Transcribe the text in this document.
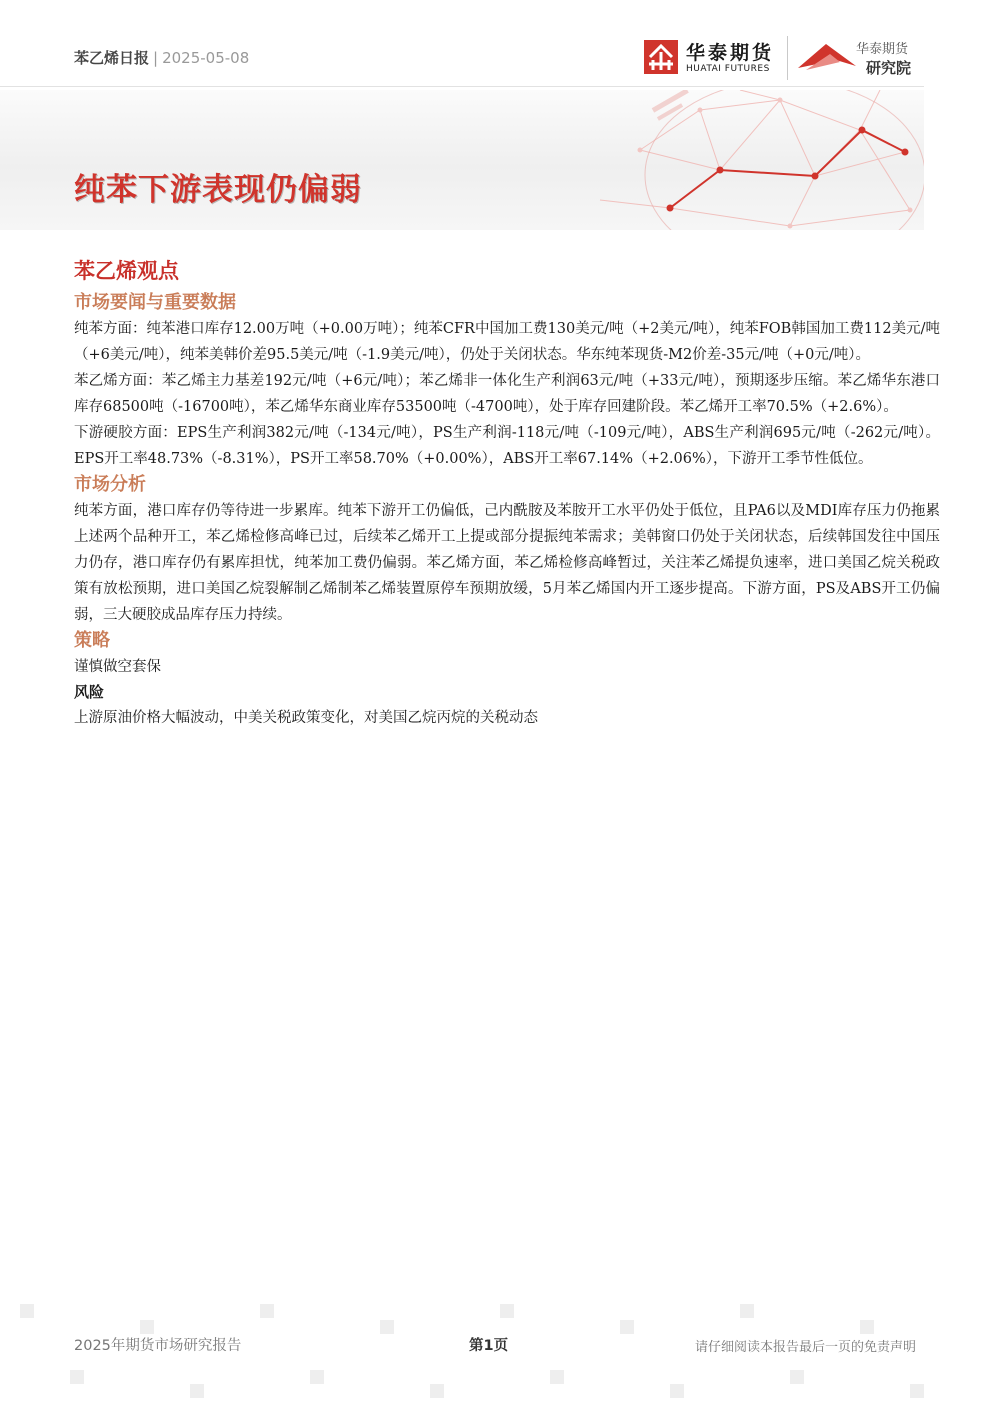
苯乙烯日报 | 2025-05-08	华泰期货
HUATAI FUTURES
华泰期货
研究院
纯苯下游表现仍偏弱
苯乙烯观点
市场要闻与重要数据

纯苯方面：纯苯港口库存12.00万吨（+0.00万吨）；纯苯CFR中国加工费130美元/吨（+2美元/吨），纯苯FOB韩国加工费112美元/吨（+6美元/吨），纯苯美韩价差95.5美元/吨（-1.9美元/吨），仍处于关闭状态。华东纯苯现货-M2价差-35元/吨（+0元/吨）。

苯乙烯方面：苯乙烯主力基差192元/吨（+6元/吨）；苯乙烯非一体化生产利润63元/吨（+33元/吨），预期逐步压缩。苯乙烯华东港口库存68500吨（-16700吨），苯乙烯华东商业库存53500吨（-4700吨），处于库存回建阶段。苯乙烯开工率70.5%（+2.6%）。

下游硬胶方面：EPS生产利润382元/吨（-134元/吨），PS生产利润-118元/吨（-109元/吨），ABS生产利润695元/吨（-262元/吨）。EPS开工率48.73%（-8.31%），PS开工率58.70%（+0.00%），ABS开工率67.14%（+2.06%），下游开工季节性低位。

市场分析

纯苯方面，港口库存仍等待进一步累库。纯苯下游开工仍偏低，己内酰胺及苯胺开工水平仍处于低位，且PA6以及MDI库存压力仍拖累上述两个品种开工，苯乙烯检修高峰已过，后续苯乙烯开工上提或部分提振纯苯需求；美韩窗口仍处于关闭状态，后续韩国发往中国压力仍存，港口库存仍有累库担忧，纯苯加工费仍偏弱。苯乙烯方面，苯乙烯检修高峰暂过，关注苯乙烯提负速率，进口美国乙烷关税政策有放松预期，进口美国乙烷裂解制乙烯制苯乙烯装置原停车预期放缓，5月苯乙烯国内开工逐步提高。下游方面，PS及ABS开工仍偏弱，三大硬胶成品库存压力持续。

策略

谨慎做空套保

风险

上游原油价格大幅波动，中美关税政策变化，对美国乙烷丙烷的关税动态

2025年期货市场研究报告	第1页	请仔细阅读本报告最后一页的免责声明
